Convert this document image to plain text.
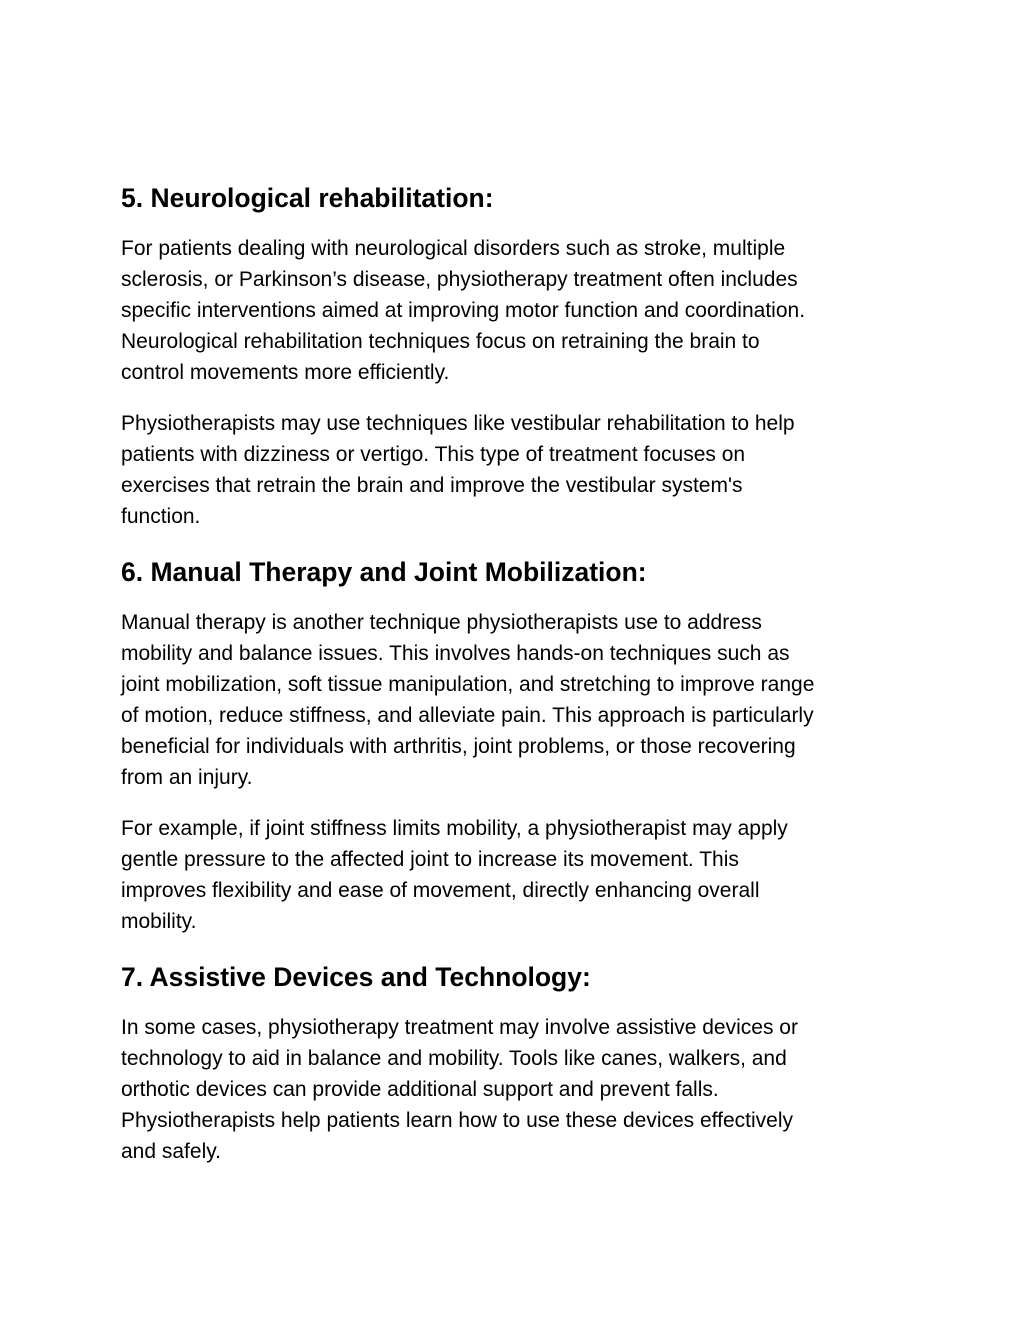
5. Neurological rehabilitation:

For patients dealing with neurological disorders such as stroke, multiple
sclerosis, or Parkinson’s disease, physiotherapy treatment often includes
specific interventions aimed at improving motor function and coordination.
Neurological rehabilitation techniques focus on retraining the brain to
control movements more efficiently.

Physiotherapists may use techniques like vestibular rehabilitation to help
patients with dizziness or vertigo. This type of treatment focuses on
exercises that retrain the brain and improve the vestibular system's
function.

6. Manual Therapy and Joint Mobilization:

Manual therapy is another technique physiotherapists use to address
mobility and balance issues. This involves hands-on techniques such as
joint mobilization, soft tissue manipulation, and stretching to improve range
of motion, reduce stiffness, and alleviate pain. This approach is particularly
beneficial for individuals with arthritis, joint problems, or those recovering
from an injury.

For example, if joint stiffness limits mobility, a physiotherapist may apply
gentle pressure to the affected joint to increase its movement. This
improves flexibility and ease of movement, directly enhancing overall
mobility.

7. Assistive Devices and Technology:

In some cases, physiotherapy treatment may involve assistive devices or
technology to aid in balance and mobility. Tools like canes, walkers, and
orthotic devices can provide additional support and prevent falls.
Physiotherapists help patients learn how to use these devices effectively
and safely.
